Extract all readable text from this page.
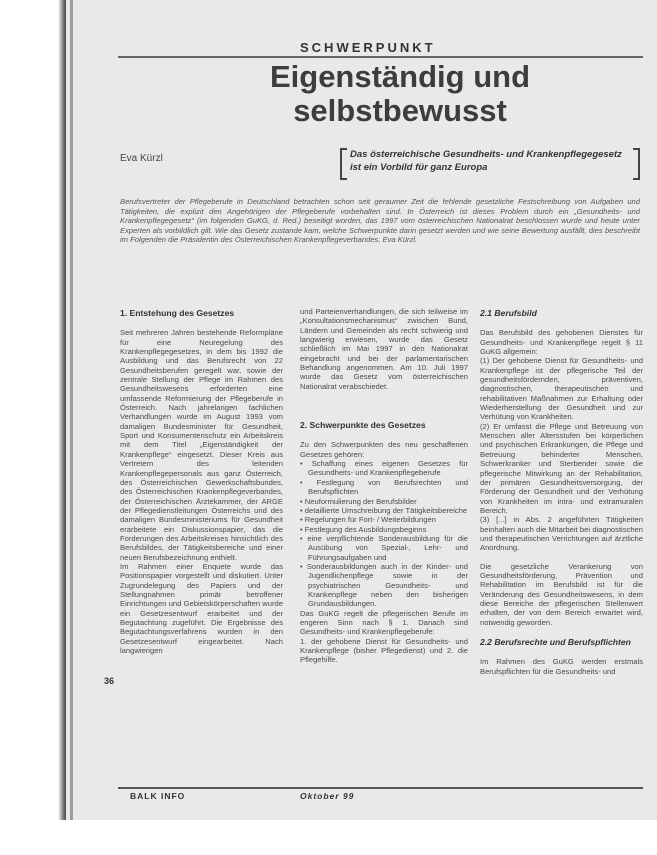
SCHWERPUNKT
Eigenständig und
selbstbewusst
Eva Kürzl	Das österreichische Gesundheits- und Krankenpflegegesetz ist ein Vorbild für ganz Europa
Berufsvertreter der Pflegeberufe in Deutschland betrachten schon seit geraumer Zeit die fehlende gesetzliche Festschreibung von Aufgaben und Tätigkeiten, die explizit den Angehörigen der Pflegeberufe vorbehalten sind. In Österreich ist dieses Problem durch ein „Gesundheits- und Krankenpflegegesetz“ (im folgenden GuKG, d. Red.) beseitigt worden, das 1997 vom österreichischen Nationalrat beschlossen wurde und heute unter Experten als vorbildlich gilt. Wie das Gesetz zustande kam, welche Schwerpunkte darin gesetzt werden und wie seine Bewertung ausfällt, dies beschreibt im Folgenden die Präsidentin des Österreichischen Krankenpflegeverbandes, Eva Kürzl.
1. Entstehung des Gesetzes

Seit mehreren Jahren bestehende Reformpläne für eine Neuregelung des Krankenpflegegesetzes, in dem bis 1992 die Ausbildung und das Berufsrecht von 22 Gesundheitsberufen geregelt war, sowie der zentrale Stellung der Pflege im Rahmen des Gesundheitswesens erforderten eine umfassende Reformierung der Pflegeberufe in Österreich. Nach jahrelangen fachlichen Verhandlungen wurde im August 1993 vom damaligen Bundesminister für Gesundheit, Sport und Konsumentenschutz ein Arbeitskreis mit dem Titel „Eigenständigkeit der Krankenpflege“ eingesetzt. Dieser Kreis aus Vertretern des leitenden Krankenpflegepersonals aus ganz Österreich, des Österreichischen Gewerkschaftsbundes, des Österreichischen Krankenpflegeverbandes, der Österreichischen Ärztekammer, der ARGE der Pflegedienstleitungen Österreichs und des damaligen Bundesministeriums für Gesundheit erarbeitete ein Diskussionspapier, das die Forderungen des Arbeitskreises hinsichtlich des Berufsbildes, der Tätigkeitsbereiche und einer neuen Berufsbezeichnung enthielt.

Im Rahmen einer Enquete wurde das Positionspapier vorgestellt und diskutiert. Unter Zugrundelegung des Papiers und der Stellungnahmen primär betroffener Einrichtungen und Gebietskörperschaften wurde ein Gesetzesentwurf erarbeitet und der Begutachtung zugeführt. Die Ergebnisse des Begutachtungsverfahrens wurden in den Gesetzesentwurf eingearbeitet. Nach langwierigen

und Parteienverhandlungen, die sich teilweise im „Konsultationsmechanismus“ zwischen Bund, Ländern und Gemeinden als recht schwierig und langwierig erwiesen, wurde das Gesetz schließlich im Mai 1997 in den Nationalrat eingebracht und bei der parlamentarischen Behandlung angenommen. Am 10. Juli 1997 wurde das Gesetz vom österreichischen Nationalrat verabschiedet.

2. Schwerpunkte des Gesetzes

Zu den Schwerpunkten des neu geschaffenen Gesetzes gehören:

• Schaffung eines eigenen Gesetzes für Gesundheits- und Krankenpflegeberufe
• Festlegung von Berufsrechten und Berufspflichten
• Neuformulierung der Berufsbilder
• detaillierte Umschreibung der Tätigkeitsbereiche
• Regelungen für Fort- / Weiterbildungen
• Festlegung des Ausbildungsbeginns
• eine verpflichtende Sonderausbildung für die Ausübung von Spezial-, Lehr- und Führungsaufgaben und
• Sonderausbildungen auch in der Kinder- und Jugendlichenpflege sowie in der psychiatrischen Gesundheits- und Krankenpflege neben den bisherigen Grundausbildungen.

Das GuKG regelt die pflegerischen Berufe im engeren Sinn nach § 1. Danach sind Gesundheits- und Krankenpflegeberufe:

1. der gehobene Dienst für Gesundheits- und Krankenpflege (bisher Pflegedienst) und 2. die Pflegehilfe.

2.1 Berufsbild

Das Berufsbild des gehobenen Dienstes für Gesundheits- und Krankenpflege regelt § 11 GuKG allgemein:

(1) Der gehobene Dienst für Gesundheits- und Krankenpflege ist der pflegerische Teil der gesundheitsfördernden, präventiven, diagnostischen, therapeutischen und rehabilitativen Maßnahmen zur Erhaltung oder Wiederherstellung der Gesundheit und zur Verhütung von Krankheiten.

(2) Er umfasst die Pflege und Betreuung von Menschen aller Altersstufen bei körperlichen und psychischen Erkrankungen, die Pflege und Betreuung behinderter Menschen, Schwerkranker und Sterbender sowie die pflegerische Mitwirkung an der Rehabilitation, der primären Gesundheitsversorgung, der Förderung der Gesundheit und der Verhütung von Krankheiten im intra- und extramuralen Bereich.

(3) [...] in Abs. 2 angeführten Tätigkeiten beinhalten auch die Mitarbeit bei diagnostischen und therapeutischen Verrichtungen auf ärztliche Anordnung.

Die gesetzliche Verankerung von Gesundheitsförderung, Prävention und Rehabilitation im Berufsbild ist für die Veränderung des Gesundheitswesens, in dem diese Bereiche der pflegerischen Stellenwert erhalten, der von dem Bereich erwartet wird, notwendig geworden.

2.2 Berufsrechte und Berufspflichten

Im Rahmen des GuKG werden erstmals Berufspflichten für die Gesundheits- und

36
BALK INFO	Oktober 99
